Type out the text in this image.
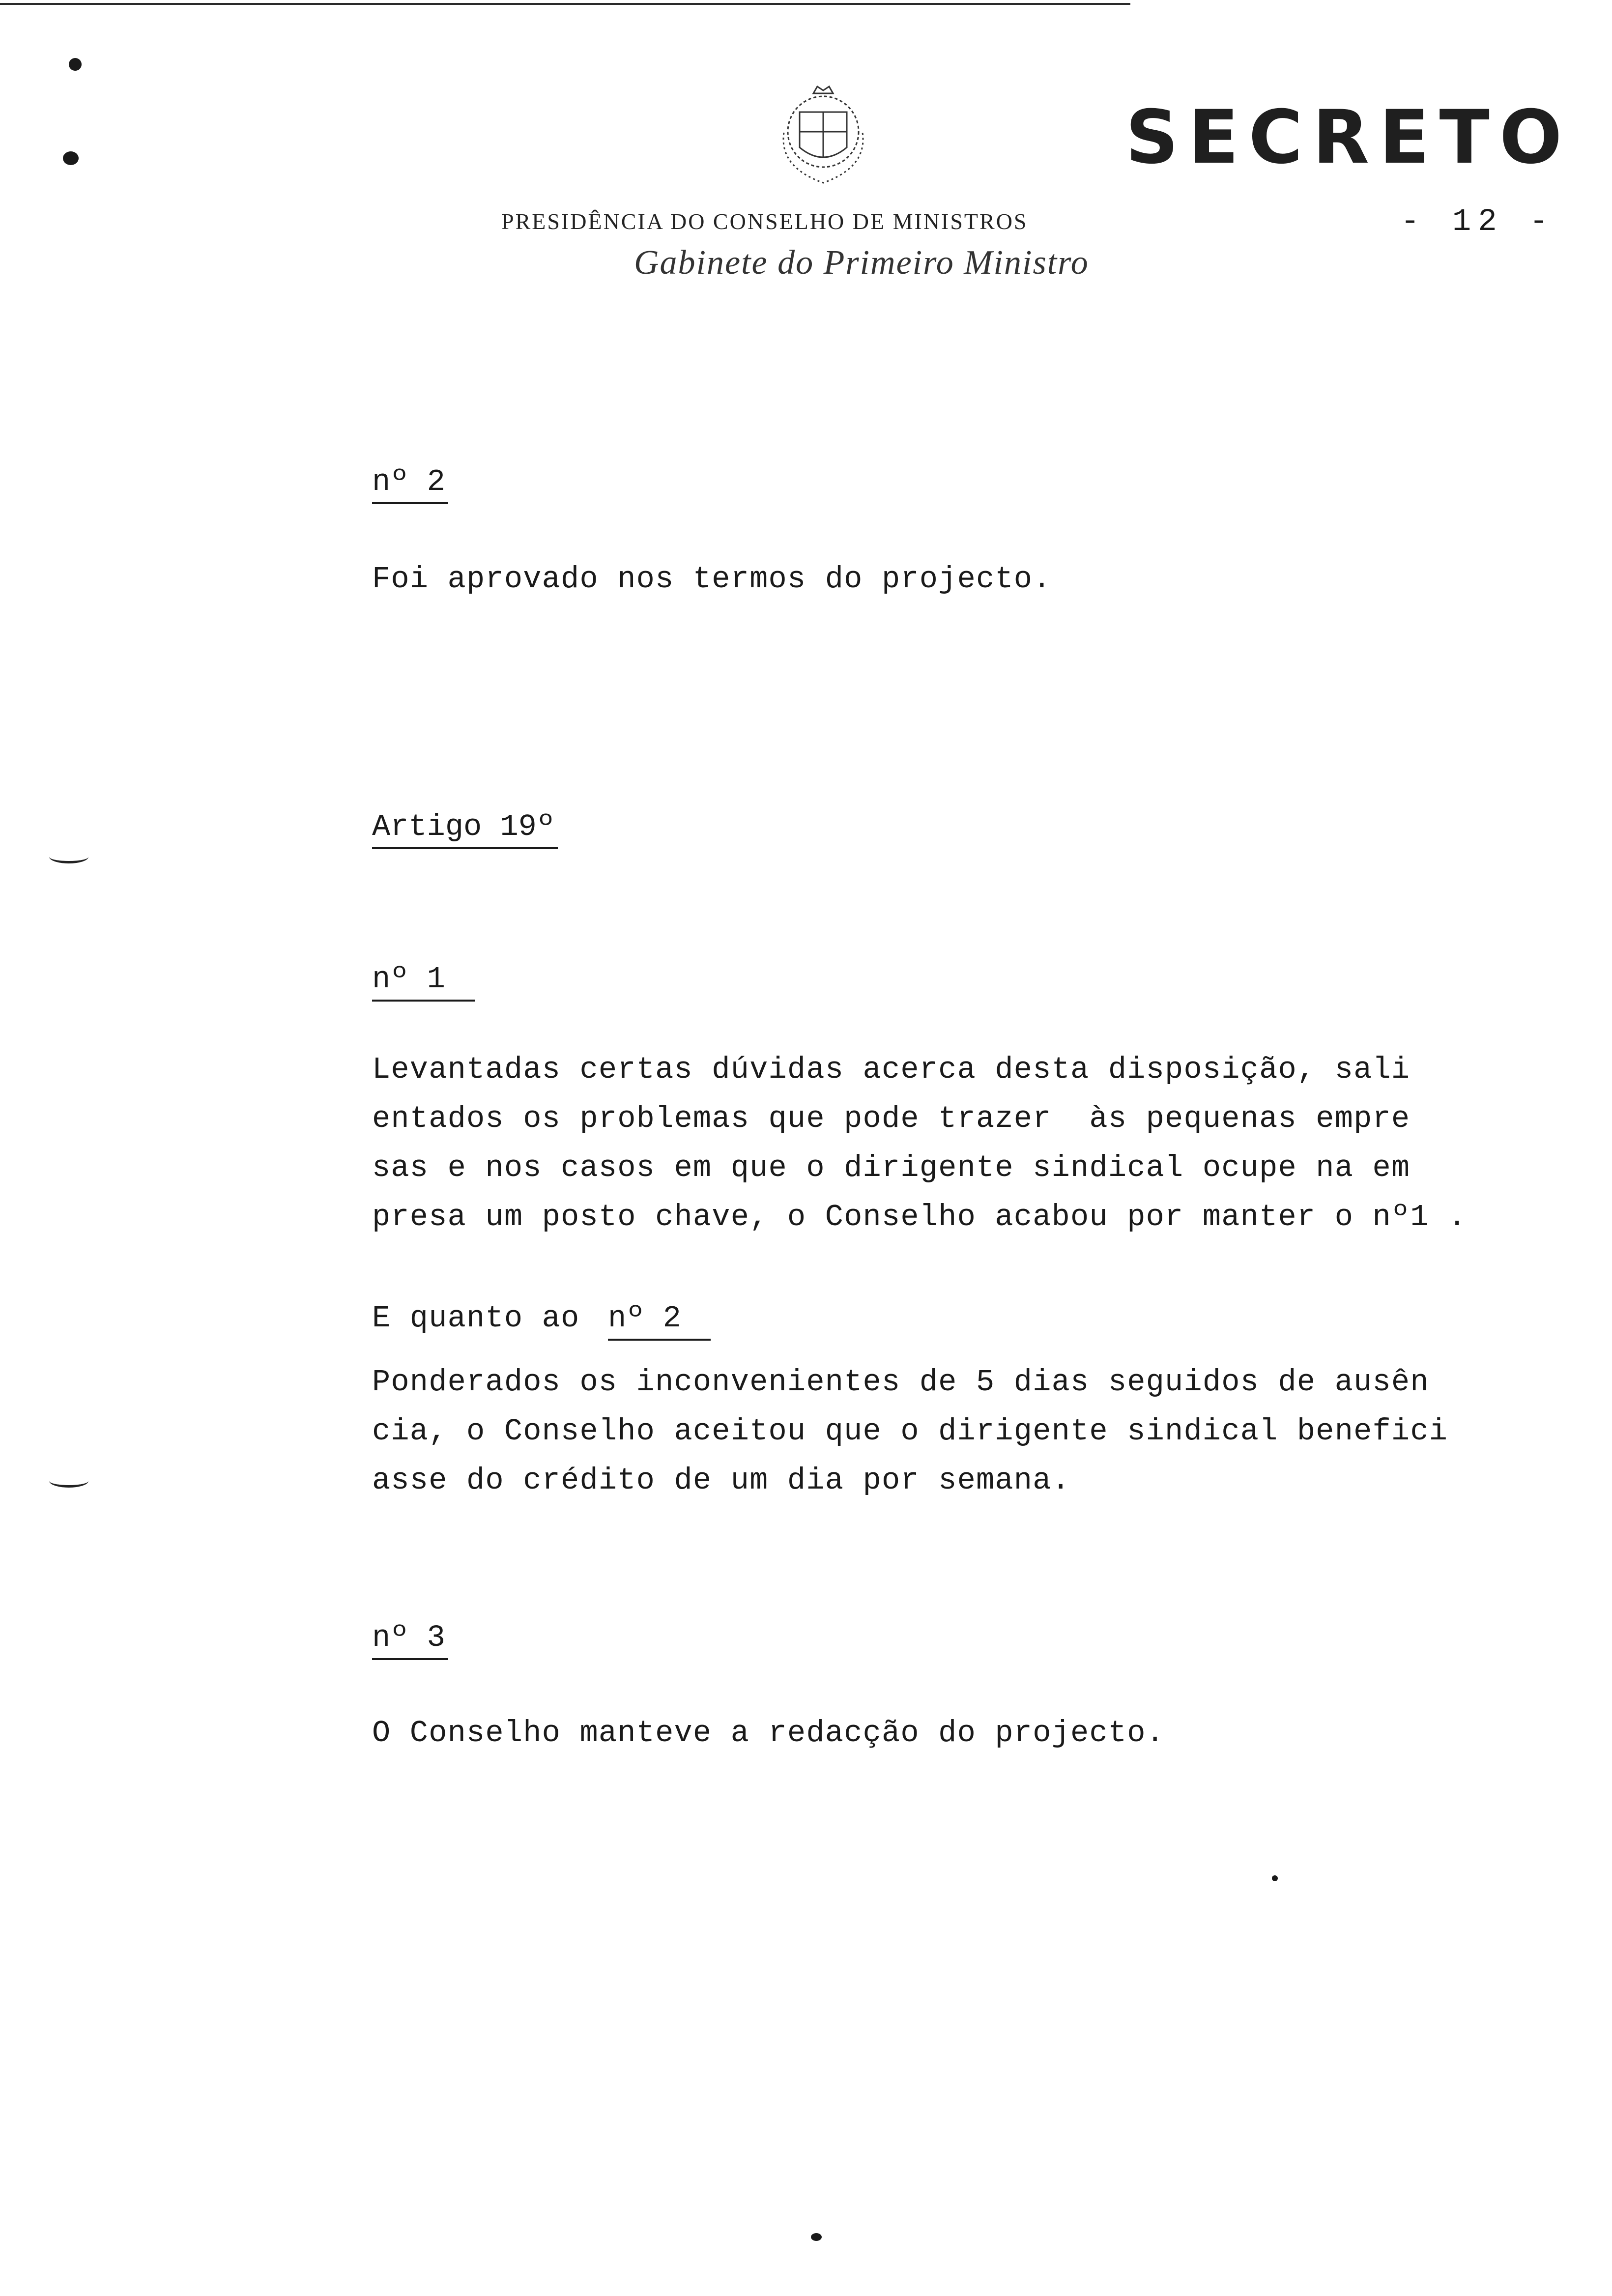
SECRETO
PRESIDÊNCIA DO CONSELHO DE MINISTROS	- 12 -
Gabinete do Primeiro Ministro
nº 2
Foi aprovado nos termos do projecto.
Artigo 19º
nº 1
Levantadas certas dúvidas acerca desta disposição, sali
entados os problemas que pode trazer  às pequenas empre
sas e nos casos em que o dirigente sindical ocupe na em
presa um posto chave, o Conselho acabou por manter o nº1 .
E quanto ao nº 2
Ponderados os inconvenientes de 5 dias seguidos de ausên
cia, o Conselho aceitou que o dirigente sindical benefici
asse do crédito de um dia por semana.
nº 3
O Conselho manteve a redacção do projecto.
